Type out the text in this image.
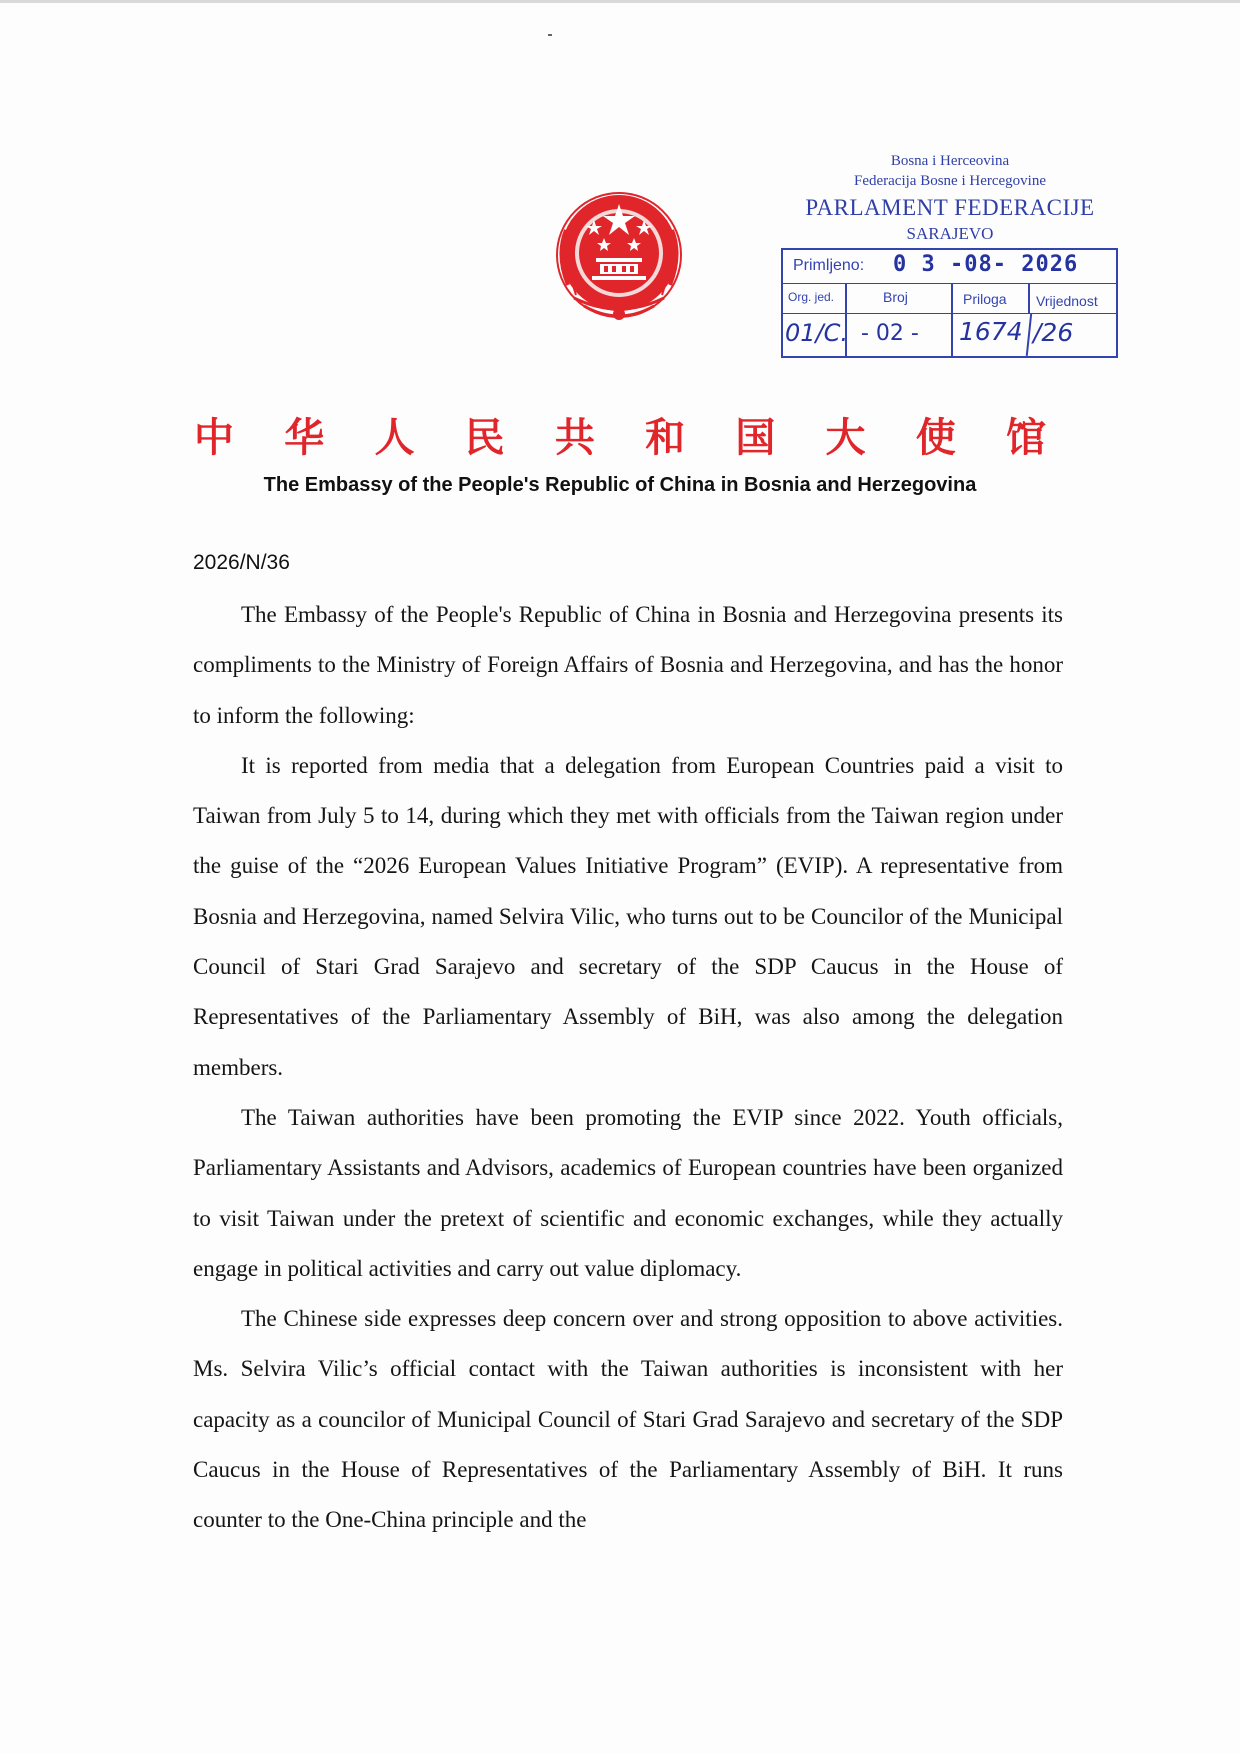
Bosna i Herceovina
Federacija Bosne i Hercegovine
PARLAMENT FEDERACIJE
SARAJEVO
Primljeno: 0 3 -08- 2026
Org. jed.	Broj	Priloga Vrijednost
01/C. - 02 - 1674 /26
中 华 人 民 共 和 国 大 使 馆
The Embassy of the People's Republic of China in Bosnia and Herzegovina
2026/N/36

The Embassy of the People's Republic of China in Bosnia and Herzegovina presents its compliments to the Ministry of Foreign Affairs of Bosnia and Herzegovina, and has the honor to inform the following:

It is reported from media that a delegation from European Countries paid a visit to Taiwan from July 5 to 14, during which they met with officials from the Taiwan region under the guise of the “2026 European Values Initiative Program” (EVIP). A representative from Bosnia and Herzegovina, named Selvira Vilic, who turns out to be Councilor of the Municipal Council of Stari Grad Sarajevo and secretary of the SDP Caucus in the House of Representatives of the Parliamentary Assembly of BiH, was also among the delegation members.

The Taiwan authorities have been promoting the EVIP since 2022. Youth officials, Parliamentary Assistants and Advisors, academics of European countries have been organized to visit Taiwan under the pretext of scientific and economic exchanges, while they actually engage in political activities and carry out value diplomacy.

The Chinese side expresses deep concern over and strong opposition to above activities. Ms. Selvira Vilic’s official contact with the Taiwan authorities is inconsistent with her capacity as a councilor of Municipal Council of Stari Grad Sarajevo and secretary of the SDP Caucus in the House of Representatives of the Parliamentary Assembly of BiH. It runs counter to the One-China principle and the
